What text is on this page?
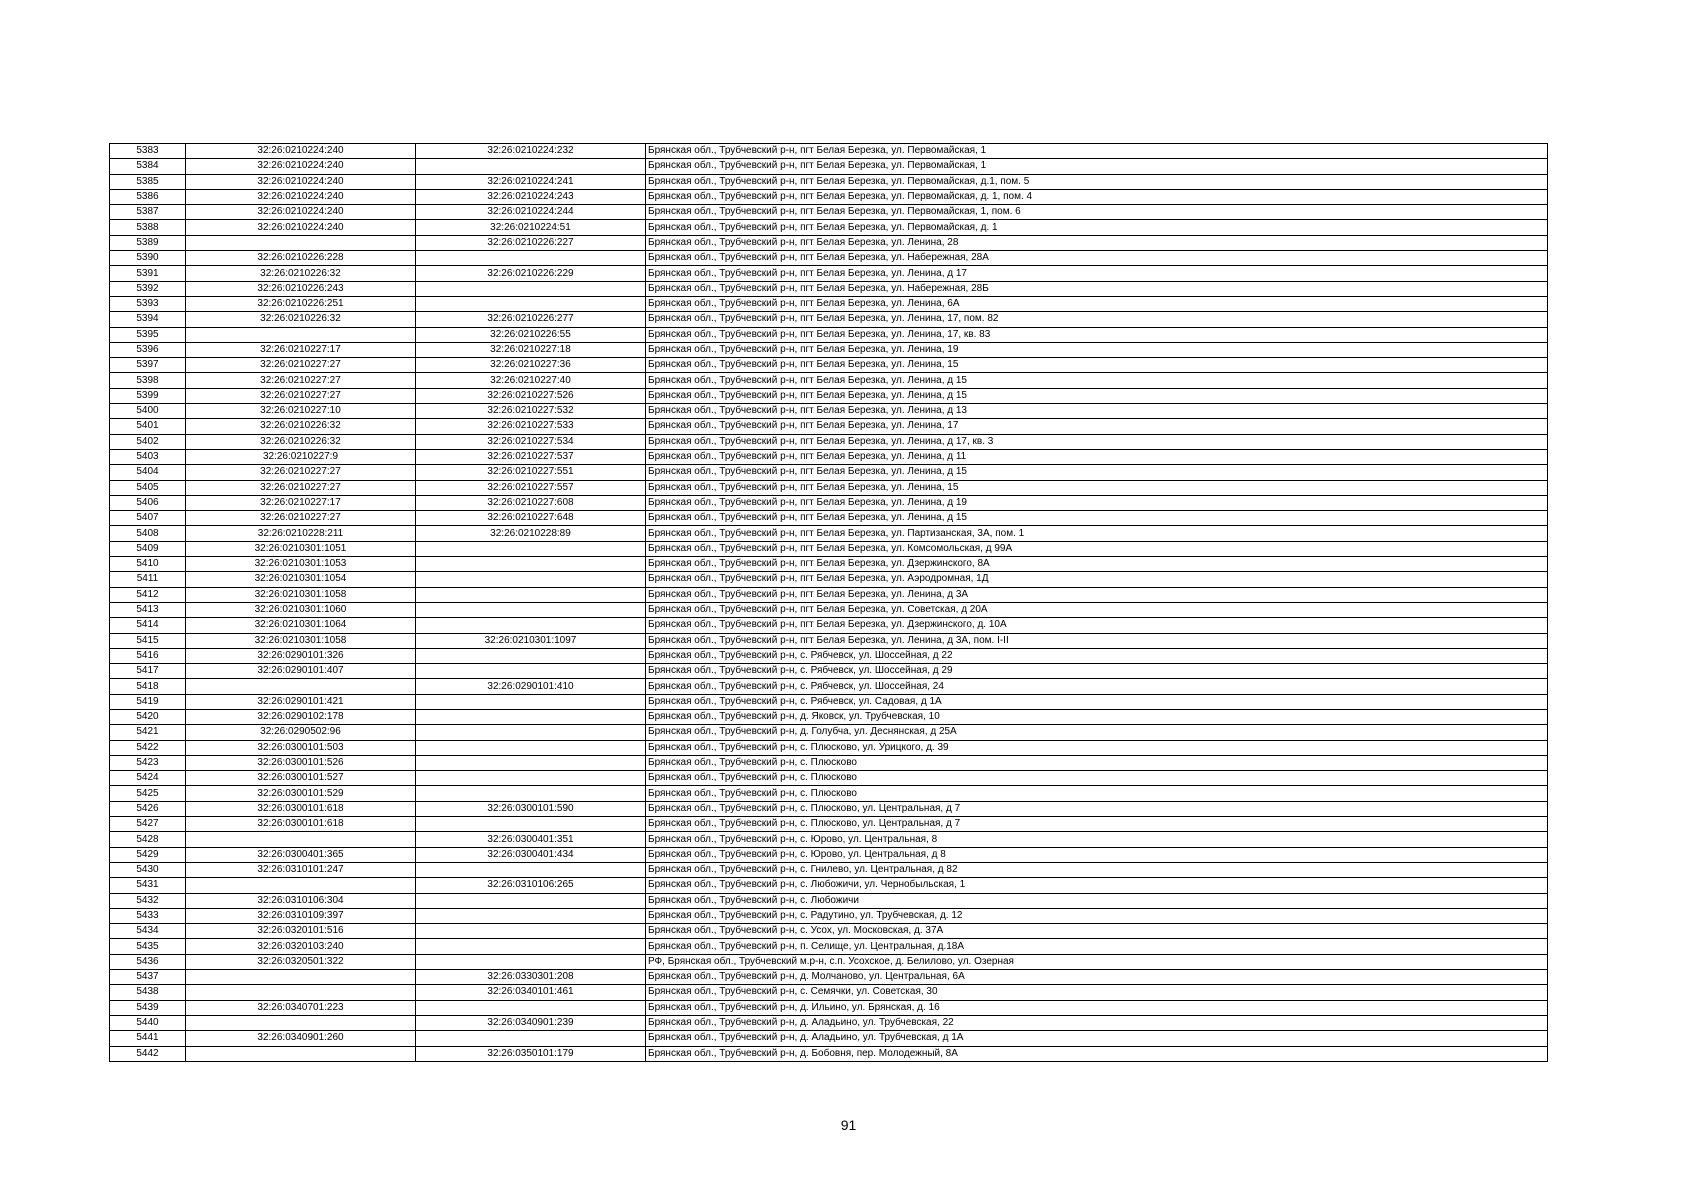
5383	32:26:0210224:240	32:26:0210224:232	Брянская обл., Трубчевский р-н, пгт Белая Березка, ул. Первомайская, 1
5384	32:26:0210224:240		Брянская обл., Трубчевский р-н, пгт Белая Березка, ул. Первомайская, 1
5385	32:26:0210224:240	32:26:0210224:241	Брянская обл., Трубчевский р-н, пгт Белая Березка, ул. Первомайская, д.1, пом. 5
5386	32:26:0210224:240	32:26:0210224:243	Брянская обл., Трубчевский р-н, пгт Белая Березка, ул. Первомайская, д. 1, пом. 4
5387	32:26:0210224:240	32:26:0210224:244	Брянская обл., Трубчевский р-н, пгт Белая Березка, ул. Первомайская, 1, пом. 6
5388	32:26:0210224:240	32:26:0210224:51	Брянская обл., Трубчевский р-н, пгт Белая Березка, ул. Первомайская, д. 1
5389		32:26:0210226:227	Брянская обл., Трубчевский р-н, пгт Белая Березка, ул. Ленина, 28
5390	32:26:0210226:228		Брянская обл., Трубчевский р-н, пгт Белая Березка, ул. Набережная, 28А
5391	32:26:0210226:32	32:26:0210226:229	Брянская обл., Трубчевский р-н, пгт Белая Березка, ул. Ленина, д 17
5392	32:26:0210226:243		Брянская обл., Трубчевский р-н, пгт Белая Березка, ул. Набережная, 28Б
5393	32:26:0210226:251		Брянская обл., Трубчевский р-н, пгт Белая Березка, ул. Ленина, 6А
5394	32:26:0210226:32	32:26:0210226:277	Брянская обл., Трубчевский р-н, пгт Белая Березка, ул. Ленина, 17, пом. 82
5395		32:26:0210226:55	Брянская обл., Трубчевский р-н, пгт Белая Березка, ул. Ленина, 17, кв. 83
5396	32:26:0210227:17	32:26:0210227:18	Брянская обл., Трубчевский р-н, пгт Белая Березка, ул. Ленина, 19
5397	32:26:0210227:27	32:26:0210227:36	Брянская обл., Трубчевский р-н, пгт Белая Березка, ул. Ленина, 15
5398	32:26:0210227:27	32:26:0210227:40	Брянская обл., Трубчевский р-н, пгт Белая Березка, ул. Ленина, д 15
5399	32:26:0210227:27	32:26:0210227:526	Брянская обл., Трубчевский р-н, пгт Белая Березка, ул. Ленина, д 15
5400	32:26:0210227:10	32:26:0210227:532	Брянская обл., Трубчевский р-н, пгт Белая Березка, ул. Ленина, д 13
5401	32:26:0210226:32	32:26:0210227:533	Брянская обл., Трубчевский р-н, пгт Белая Березка, ул. Ленина, 17
5402	32:26:0210226:32	32:26:0210227:534	Брянская обл., Трубчевский р-н, пгт Белая Березка, ул. Ленина, д 17, кв. 3
5403	32:26:0210227:9	32:26:0210227:537	Брянская обл., Трубчевский р-н, пгт Белая Березка, ул. Ленина, д 11
5404	32:26:0210227:27	32:26:0210227:551	Брянская обл., Трубчевский р-н, пгт Белая Березка, ул. Ленина, д 15
5405	32:26:0210227:27	32:26:0210227:557	Брянская обл., Трубчевский р-н, пгт Белая Березка, ул. Ленина, 15
5406	32:26:0210227:17	32:26:0210227:608	Брянская обл., Трубчевский р-н, пгт Белая Березка, ул. Ленина, д 19
5407	32:26:0210227:27	32:26:0210227:648	Брянская обл., Трубчевский р-н, пгт Белая Березка, ул. Ленина, д 15
5408	32:26:0210228:211	32:26:0210228:89	Брянская обл., Трубчевский р-н, пгт Белая Березка, ул. Партизанская, 3А, пом. 1
5409	32:26:0210301:1051		Брянская обл., Трубчевский р-н, пгт Белая Березка, ул. Комсомольская, д 99А
5410	32:26:0210301:1053		Брянская обл., Трубчевский р-н, пгт Белая Березка, ул. Дзержинского, 8А
5411	32:26:0210301:1054		Брянская обл., Трубчевский р-н, пгт Белая Березка, ул. Аэродромная, 1Д
5412	32:26:0210301:1058		Брянская обл., Трубчевский р-н, пгт Белая Березка, ул. Ленина, д 3А
5413	32:26:0210301:1060		Брянская обл., Трубчевский р-н, пгт Белая Березка, ул. Советская, д 20А
5414	32:26:0210301:1064		Брянская обл., Трубчевский р-н, пгт Белая Березка, ул. Дзержинского, д. 10А
5415	32:26:0210301:1058	32:26:0210301:1097	Брянская обл., Трубчевский р-н, пгт Белая Березка, ул. Ленина, д 3А, пом. I-II
5416	32:26:0290101:326		Брянская обл., Трубчевский р-н, с. Рябчевск, ул. Шоссейная, д 22
5417	32:26:0290101:407		Брянская обл., Трубчевский р-н, с. Рябчевск, ул. Шоссейная, д 29
5418		32:26:0290101:410	Брянская обл., Трубчевский р-н, с. Рябчевск, ул. Шоссейная, 24
5419	32:26:0290101:421		Брянская обл., Трубчевский р-н, с. Рябчевск, ул. Садовая, д 1А
5420	32:26:0290102:178		Брянская обл., Трубчевский р-н, д. Яковск, ул. Трубчевская, 10
5421	32:26:0290502:96		Брянская обл., Трубчевский р-н, д. Голубча, ул. Деснянская, д 25А
5422	32:26:0300101:503		Брянская обл., Трубчевский р-н, с. Плюсково, ул. Урицкого, д. 39
5423	32:26:0300101:526		Брянская обл., Трубчевский р-н, с. Плюсково
5424	32:26:0300101:527		Брянская обл., Трубчевский р-н, с. Плюсково
5425	32:26:0300101:529		Брянская обл., Трубчевский р-н, с. Плюсково
5426	32:26:0300101:618	32:26:0300101:590	Брянская обл., Трубчевский р-н, с. Плюсково, ул. Центральная, д 7
5427	32:26:0300101:618		Брянская обл., Трубчевский р-н, с. Плюсково, ул. Центральная, д 7
5428		32:26:0300401:351	Брянская обл., Трубчевский р-н, с. Юрово, ул. Центральная, 8
5429	32:26:0300401:365	32:26:0300401:434	Брянская обл., Трубчевский р-н, с. Юрово, ул. Центральная, д 8
5430	32:26:0310101:247		Брянская обл., Трубчевский р-н, с. Гнилево, ул. Центральная, д 82
5431		32:26:0310106:265	Брянская обл., Трубчевский р-н, с. Любожичи, ул. Чернобыльская, 1
5432	32:26:0310106:304		Брянская обл., Трубчевский р-н, с. Любожичи
5433	32:26:0310109:397		Брянская обл., Трубчевский р-н, с. Радутино, ул. Трубчевская, д. 12
5434	32:26:0320101:516		Брянская обл., Трубчевский р-н, с. Усох, ул. Московская, д. 37А
5435	32:26:0320103:240		Брянская обл., Трубчевский р-н, п. Селище, ул. Центральная, д.18А
5436	32:26:0320501:322		РФ, Брянская обл., Трубчевский м.р-н, с.п. Усохское, д. Белилово, ул. Озерная
5437		32:26:0330301:208	Брянская обл., Трубчевский р-н, д. Молчаново, ул. Центральная, 6А
5438		32:26:0340101:461	Брянская обл., Трубчевский р-н, с. Семячки, ул. Советская, 30
5439	32:26:0340701:223		Брянская обл., Трубчевский р-н, д. Ильино, ул. Брянская, д. 16
5440		32:26:0340901:239	Брянская обл., Трубчевский р-н, д. Аладьино, ул. Трубчевская, 22
5441	32:26:0340901:260		Брянская обл., Трубчевский р-н, д. Аладьино, ул. Трубчевская, д 1А
5442		32:26:0350101:179	Брянская обл., Трубчевский р-н, д. Бобовня, пер. Молодежный, 8А
91
